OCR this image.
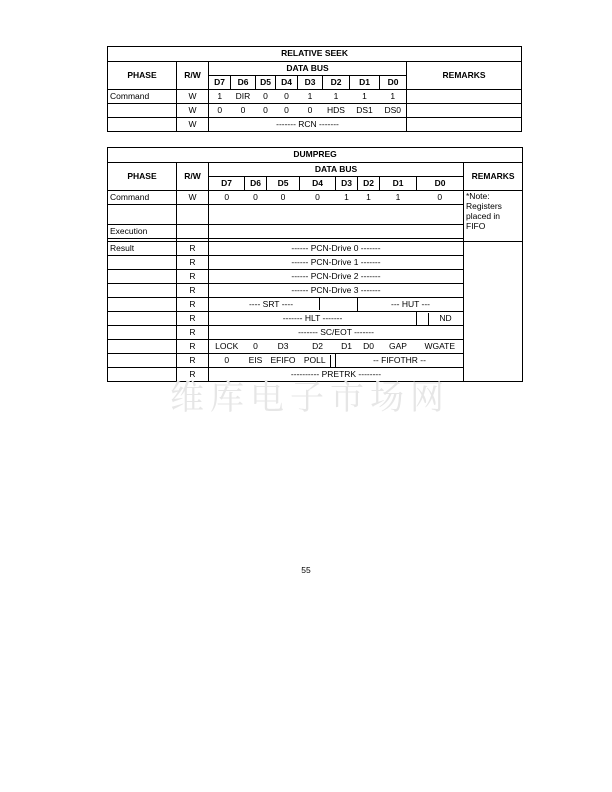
RELATIVE SEEK										
PHASE	R/W	DATA BUS								REMARKS
		D7	D6	D5	D4	D3	D2	D1	D0	
Command	W	1	DIR	0	0	1	1	1	1	
	W	0	0	0	0	0	HDS	DS1	DS0	
	W	------- RCN -------								
DUMPREG										
PHASE	R/W	DATA BUS								REMARKS
		D7	D6	D5	D4	D3	D2	D1	D0	
Command	W	0	0	0	0	1	1	1	0	*Note: Registers placed in FIFO

Execution										

Result	R	------ PCN-Drive 0 -------								
	R	------ PCN-Drive 1 -------								
	R	------ PCN-Drive 2 -------								
	R	------ PCN-Drive 3 -------								
	R	---- SRT ----					--- HUT ---			
	R	------- HLT -------							ND	
	R	------- SC/EOT -------								
	R	LOCK	0	D3	D2	D1	D0	GAP	WGATE	
	R	0	EIS	EFIFO	POLL	-- FIFOTHR --				
	R	---------- PRETRK --------								
维库电子市场网
55
